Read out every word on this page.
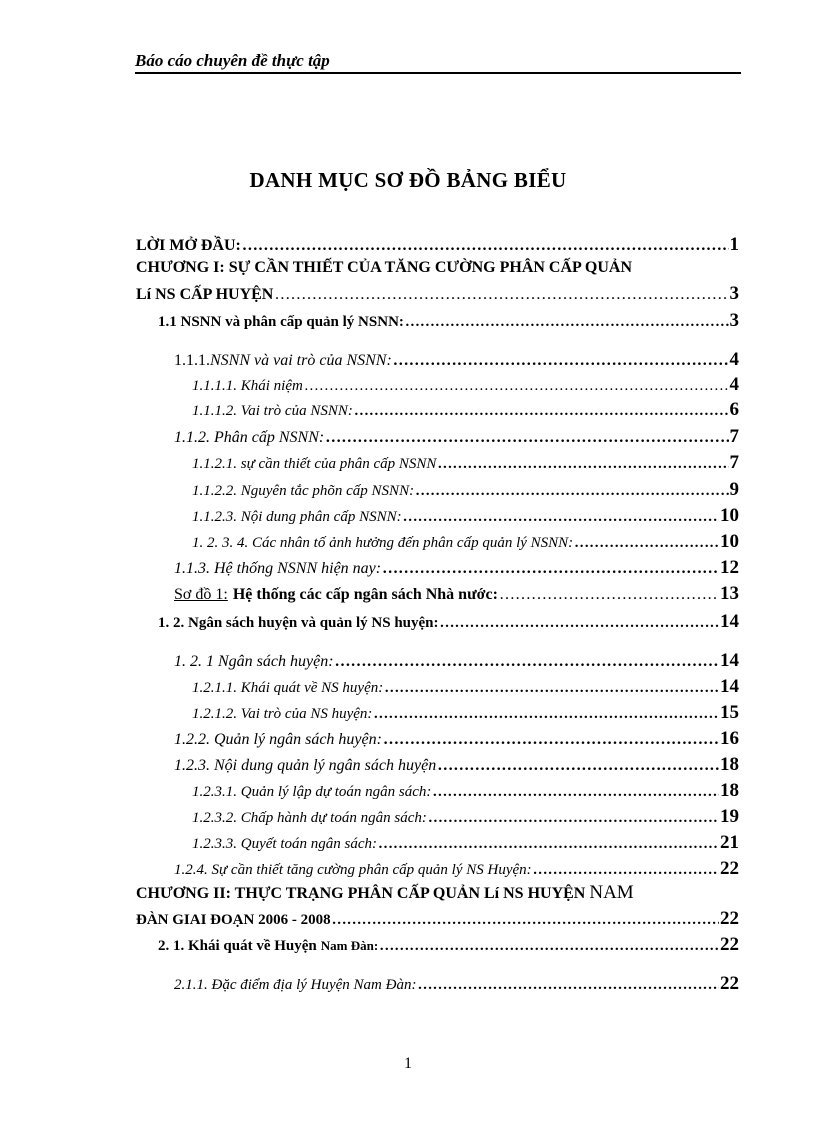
Báo cáo chuyên đề thực tập
DANH MỤC SƠ ĐỒ BẢNG BIỂU
LỜI MỞ ĐẦU: …………………………………………………………………………………………………………………………………………………………	1
CHƯƠNG I: SỰ CẦN THIẾT CỦA TĂNG CƯỜNG PHÂN CẤP QUẢN
Lí NS CẤP HUYỆN …………………………………………………………………………………………………………………………………………………………	3
1.1 NSNN và phân cấp quản lý NSNN: …………………………………………………………………………………………………………………………………………………………	3
1.1.1. NSNN và vai trò của NSNN: …………………………………………………………………………………………………………………………………………………………	4
1.1.1.1. Khái niệm …………………………………………………………………………………………………………………………………………………………	4
1.1.1.2. Vai trò của NSNN: …………………………………………………………………………………………………………………………………………………………	6
1.1.2. Phân cấp NSNN: …………………………………………………………………………………………………………………………………………………………	7
1.1.2.1. sự cần thiết của phân cấp NSNN …………………………………………………………………………………………………………………………………………………………	7
1.1.2.2. Nguyên tắc phõn cấp NSNN: …………………………………………………………………………………………………………………………………………………………	9
1.1.2.3. Nội dung phân cấp NSNN: …………………………………………………………………………………………………………………………………………………………	10
1. 2. 3. 4. Các nhân tố ảnh hưởng đến phân cấp quản lý NSNN: …………………………………………………………………………………………………………………………………………………………	10
1.1.3. Hệ thống NSNN hiện nay: …………………………………………………………………………………………………………………………………………………………	12
Sơ đồ 1: Hệ thống các cấp ngân sách Nhà nước: …………………………………………………………………………………………………………………………………………………………	13
1. 2. Ngân sách huyện và quản lý NS huyện: …………………………………………………………………………………………………………………………………………………………	14
1. 2. 1 Ngân sách huyện: …………………………………………………………………………………………………………………………………………………………	14
1.2.1.1. Khái quát về NS huyện: …………………………………………………………………………………………………………………………………………………………	14
1.2.1.2. Vai trò của NS huyện: …………………………………………………………………………………………………………………………………………………………	15
1.2.2. Quản lý ngân sách huyện: …………………………………………………………………………………………………………………………………………………………	16
1.2.3. Nội dung quản lý ngân sách huyện …………………………………………………………………………………………………………………………………………………………	18
1.2.3.1. Quản lý lập dự toán ngân sách: …………………………………………………………………………………………………………………………………………………………	18
1.2.3.2. Chấp hành dự toán ngân sách: …………………………………………………………………………………………………………………………………………………………	19
1.2.3.3. Quyết toán ngân sách: …………………………………………………………………………………………………………………………………………………………	21
1.2.4. Sự cần thiết tăng cường phân cấp quản lý NS Huyện: …………………………………………………………………………………………………………………………………………………………	22
CHƯƠNG II: THỰC TRẠNG PHÂN CẤP QUẢN Lí NS HUYỆN NAM
ĐÀN GIAI ĐOẠN 2006 - 2008 …………………………………………………………………………………………………………………………………………………………	22
2. 1. Khái quát về Huyện Nam Đàn: …………………………………………………………………………………………………………………………………………………………	22
2.1.1. Đặc điểm địa lý Huyện Nam Đàn: …………………………………………………………………………………………………………………………………………………………	22
1
